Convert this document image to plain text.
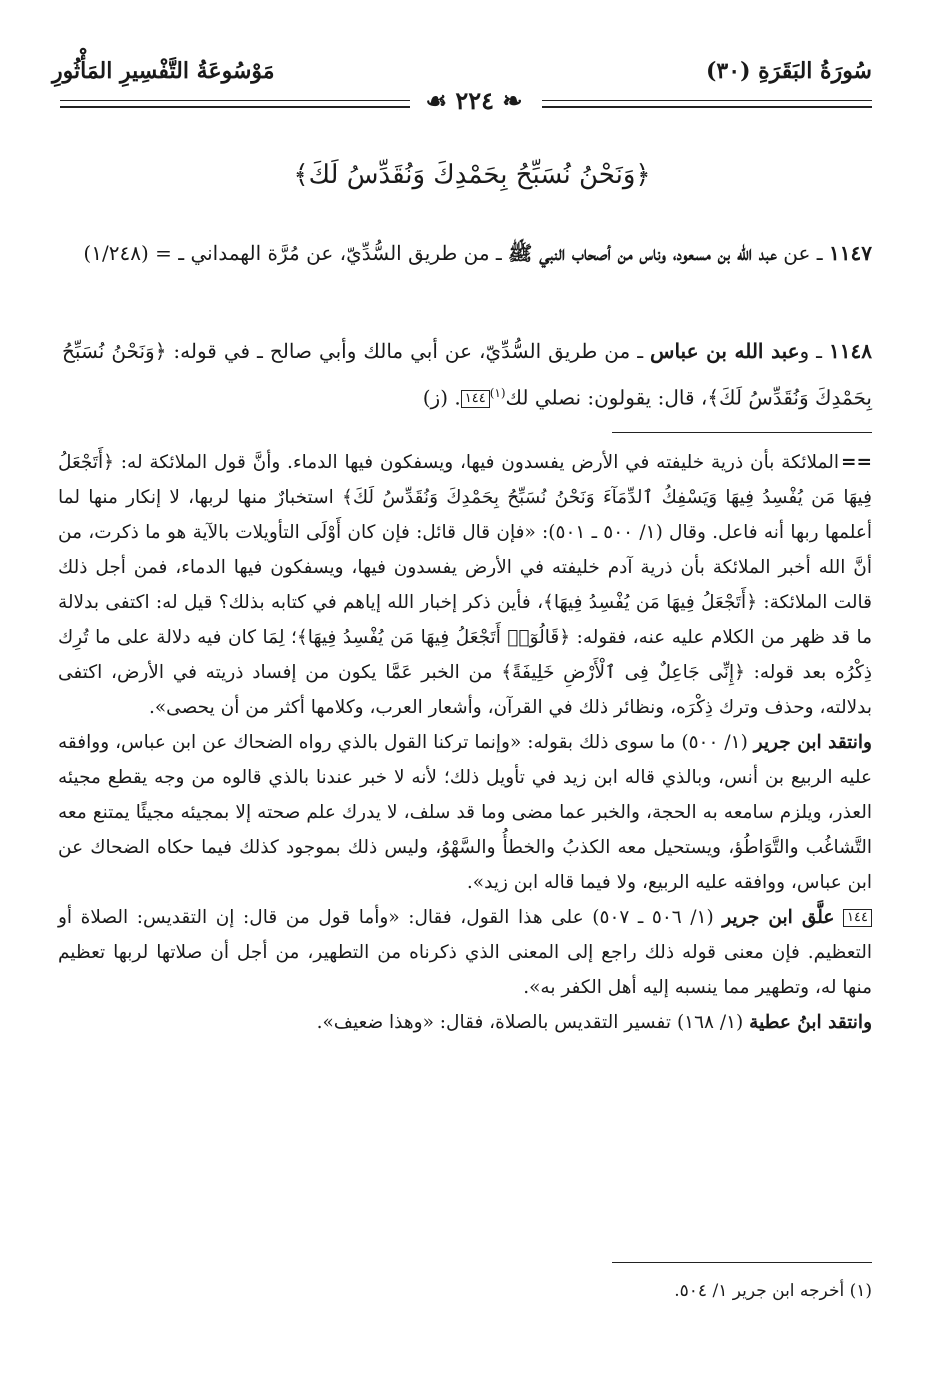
سُورَةُ البَقَرَةِ (٣٠)
مَوْسُوعَةُ التَّفْسِيرِ المَأْثُورِ
❧ ٢٢٤ ☙
﴿وَنَحْنُ نُسَبِّحُ بِحَمْدِكَ وَنُقَدِّسُ لَكَ﴾
١١٤٧ ـ عن عبد الله بن مسعود، وناس من أصحاب النبي ﷺ ـ من طريق السُّدِّيّ، عن مُرَّة الهمداني ـ = (١/٢٤٨)
١١٤٨ ـ وعبد الله بن عباس ـ من طريق السُّدِّيّ، عن أبي مالك وأبي صالح ـ في قوله: ﴿وَنَحْنُ نُسَبِّحُ بِحَمْدِكَ وَنُقَدِّسُ لَكَ﴾، قال: يقولون: نصلي لك$^{(١)}$١٤٤. (ز)

==الملائكة بأن ذرية خليفته في الأرض يفسدون فيها، ويسفكون فيها الدماء. وأنَّ قول الملائكة له: ﴿أَتَجْعَلُ فِيهَا مَن يُفْسِدُ فِيهَا وَيَسْفِكُ ٱلدِّمَآءَ وَنَحْنُ نُسَبِّحُ بِحَمْدِكَ وَنُقَدِّسُ لَكَ﴾ استخبارٌ منها لربها، لا إنكار منها لما أعلمها ربها أنه فاعل. وقال (١/ ٥٠٠ ـ ٥٠١): «فإن قال قائل: فإن كان أَوْلَى التأويلات بالآية هو ما ذكرت، من أنَّ الله أخبر الملائكة بأن ذرية آدم خليفته في الأرض يفسدون فيها، ويسفكون فيها الدماء، فمن أجل ذلك قالت الملائكة: ﴿أَتَجْعَلُ فِيهَا مَن يُفْسِدُ فِيهَا﴾، فأين ذكر إخبار الله إياهم في كتابه بذلك؟ قيل له: اكتفى بدلالة ما قد ظهر من الكلام عليه عنه، فقوله: ﴿قَالُوٓا۟ أَتَجْعَلُ فِيهَا مَن يُفْسِدُ فِيهَا﴾؛ لِمَا كان فيه دلالة على ما تُرِك ذِكْرُه بعد قوله: ﴿إِنِّى جَاعِلٌ فِى ٱلْأَرْضِ خَلِيفَةً﴾ من الخبر عَمَّا يكون من إفساد ذريته في الأرض، اكتفى بدلالته، وحذف وترك ذِكْرَه، ونظائر ذلك في القرآن، وأشعار العرب، وكلامها أكثر من أن يحصى».

وانتقد ابن جرير (١/ ٥٠٠) ما سوى ذلك بقوله: «وإنما تركنا القول بالذي رواه الضحاك عن ابن عباس، ووافقه عليه الربيع بن أنس، وبالذي قاله ابن زيد في تأويل ذلك؛ لأنه لا خبر عندنا بالذي قالوه من وجه يقطع مجيئه العذر، ويلزم سامعه به الحجة، والخبر عما مضى وما قد سلف، لا يدرك علم صحته إلا بمجيئه مجيئًا يمتنع معه التَّشاغُب والتَّوَاطُؤ، ويستحيل معه الكذبُ والخطأُ والسَّهْوُ، وليس ذلك بموجود كذلك فيما حكاه الضحاك عن ابن عباس، ووافقه عليه الربيع، ولا فيما قاله ابن زيد».

١٤٤ علَّق ابن جرير (١/ ٥٠٦ ـ ٥٠٧) على هذا القول، فقال: «وأما قول من قال: إن التقديس: الصلاة أو التعظيم. فإن معنى قوله ذلك راجع إلى المعنى الذي ذكرناه من التطهير، من أجل أن صلاتها لربها تعظيم منها له، وتطهير مما ينسبه إليه أهل الكفر به».

وانتقد ابنُ عطية (١/ ١٦٨) تفسير التقديس بالصلاة، فقال: «وهذا ضعيف».

(١) أخرجه ابن جرير ١/ ٥٠٤.
